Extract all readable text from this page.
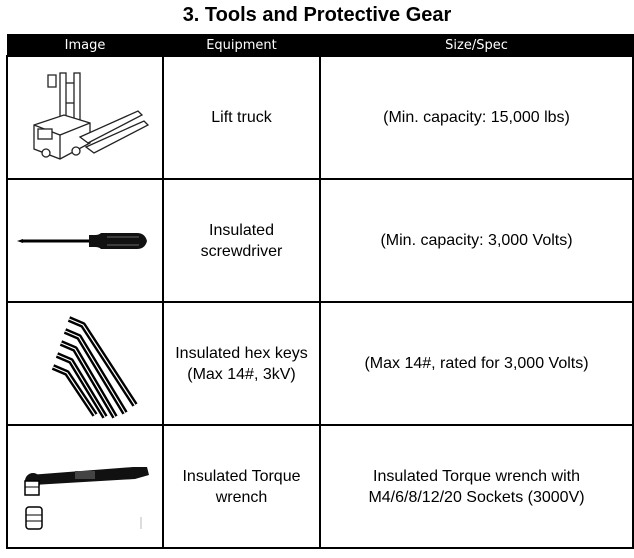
3. Tools and Protective Gear
Image	Equipment	Size/Spec

	Lift truck	(Min. capacity: 15,000 lbs)

	Insulated screwdriver	(Min. capacity: 3,000 Volts)

	Insulated hex keys (Max 14#, 3kV)	(Max 14#, rated for 3,000 Volts)

	Insulated Torque wrench	Insulated Torque wrench with M4/6/8/12/20 Sockets (3000V)
